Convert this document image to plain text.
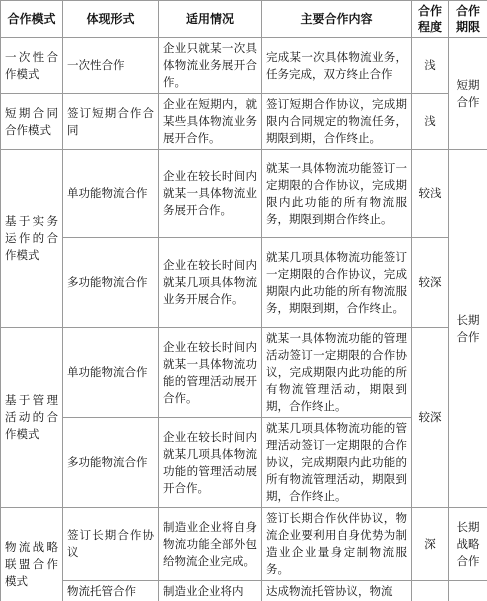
合作模式	体现形式	适用情况	主要合作内容	合作程度	合作期限
一次性合作模式	一次性合作	企业只就某一次具体物流业务展开合作。	完成某一次具体物流业务，任务完成，双方终止合作	浅	短期合作
短期合同合作模式	签订短期合作合同	企业在短期内，就某些具体物流业务展开合作。	签订短期合作协议，完成期限内合同规定的物流任务，期限到期，合作终止。	浅	
基于实务运作的合作模式	单功能物流合作	企业在较长时间内就某一具体物流业务展开合作。	就某一具体物流功能签订一定期限的合作协议，完成期限内此功能的所有物流服务，期限到期合作终止。	较浅	长期合作
	多功能物流合作	企业在较长时间内就某几项具体物流业务开展合作。	就某几项具体物流功能签订一定期限的合作协议，完成期限内此功能的所有物流服务，期限到期，合作终止。	较深	
基于管理活动的合作模式	单功能物流合作	企业在较长时间内就某一具体物流功能的管理活动展开合作。	就某一具体物流功能的管理活动签订一定期限的合作协议，完成期限内此功能的所有物流管理活动，期限到期，合作终止。	较深	
	多功能物流合作	企业在较长时间内就某几项具体物流功能的管理活动展开合作。	就某几项具体物流功能的管理活动签订一定期限的合作协议，完成期限内此功能的所有物流管理活动，期限到期，合作终止。		
物流战略联盟合作模式	签订长期合作协议	制造业企业将自身物流功能全部外包给物流企业完成。	签订长期合作伙伴协议，物流企业要利用自身优势为制造业企业量身定制物流服务。	深	长期战略合作
	物流托管合作	制造业企业将内	达成物流托管协议，物流		
